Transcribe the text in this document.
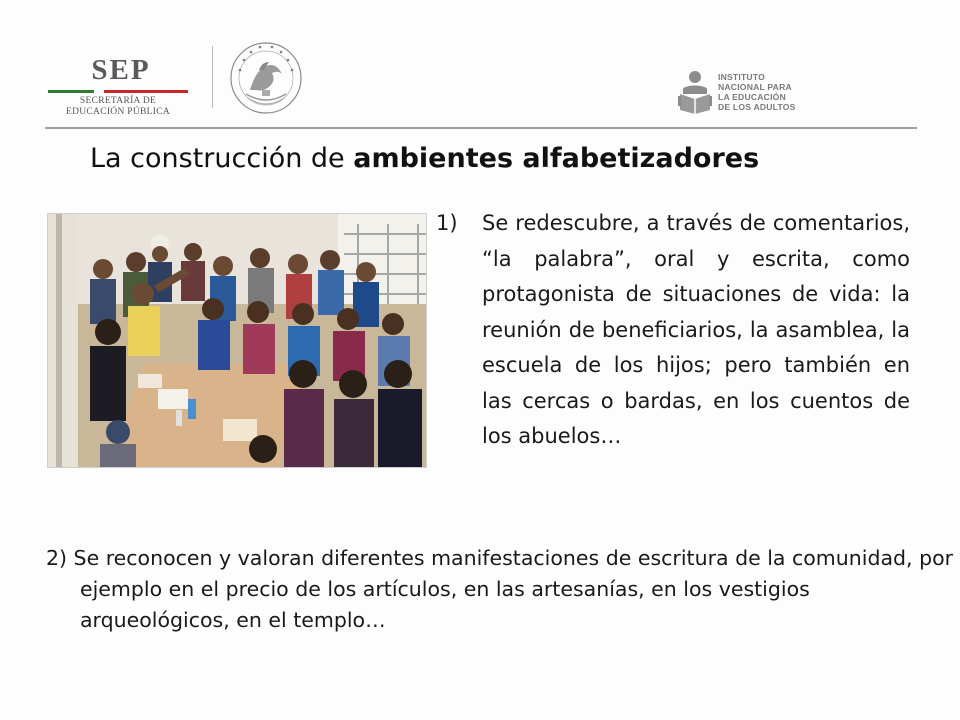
SEP
SECRETARÍA DE
EDUCACIÓN PÚBLICA
INSTITUTO
NACIONAL PARA
LA EDUCACIÓN
DE LOS ADULTOS
La construcción de ambientes alfabetizadores
1) Se redescubre, a través de comentarios, “la palabra”, oral y escrita, como protagonista de situaciones de vida: la reunión de beneficiarios, la asamblea, la escuela de los hijos; pero también en las cercas o bardas, en los cuentos de los abuelos…
2) Se reconocen y valoran diferentes manifestaciones de escritura de la comunidad, por ejemplo en el precio de los artículos, en las artesanías, en los vestigios arqueológicos, en el templo…
